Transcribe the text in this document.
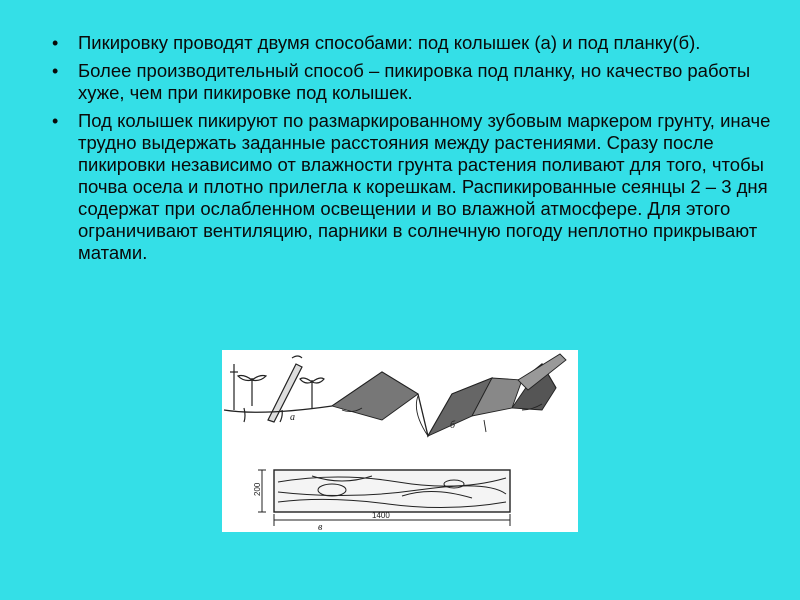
•	Пикировку проводят двумя способами: под колышек (а) и под планку(б).
•	Более производительный способ – пикировка под планку, но качество работы хуже, чем при пикировке под колышек.
•	Под колышек пикируют по размаркированному зубовым маркером грунту, иначе трудно выдержать заданные расстояния между растениями. Сразу после пикировки независимо от влажности грунта растения поливают для того, чтобы почва осела и плотно прилегла к корешкам. Распикированные сеянцы 2 – 3 дня содержат при ослабленном освещении и во влажной атмосфере. Для этого ограничивают вентиляцию, парники в солнечную погоду неплотно прикрывают матами.
а
б
1400
200
в
